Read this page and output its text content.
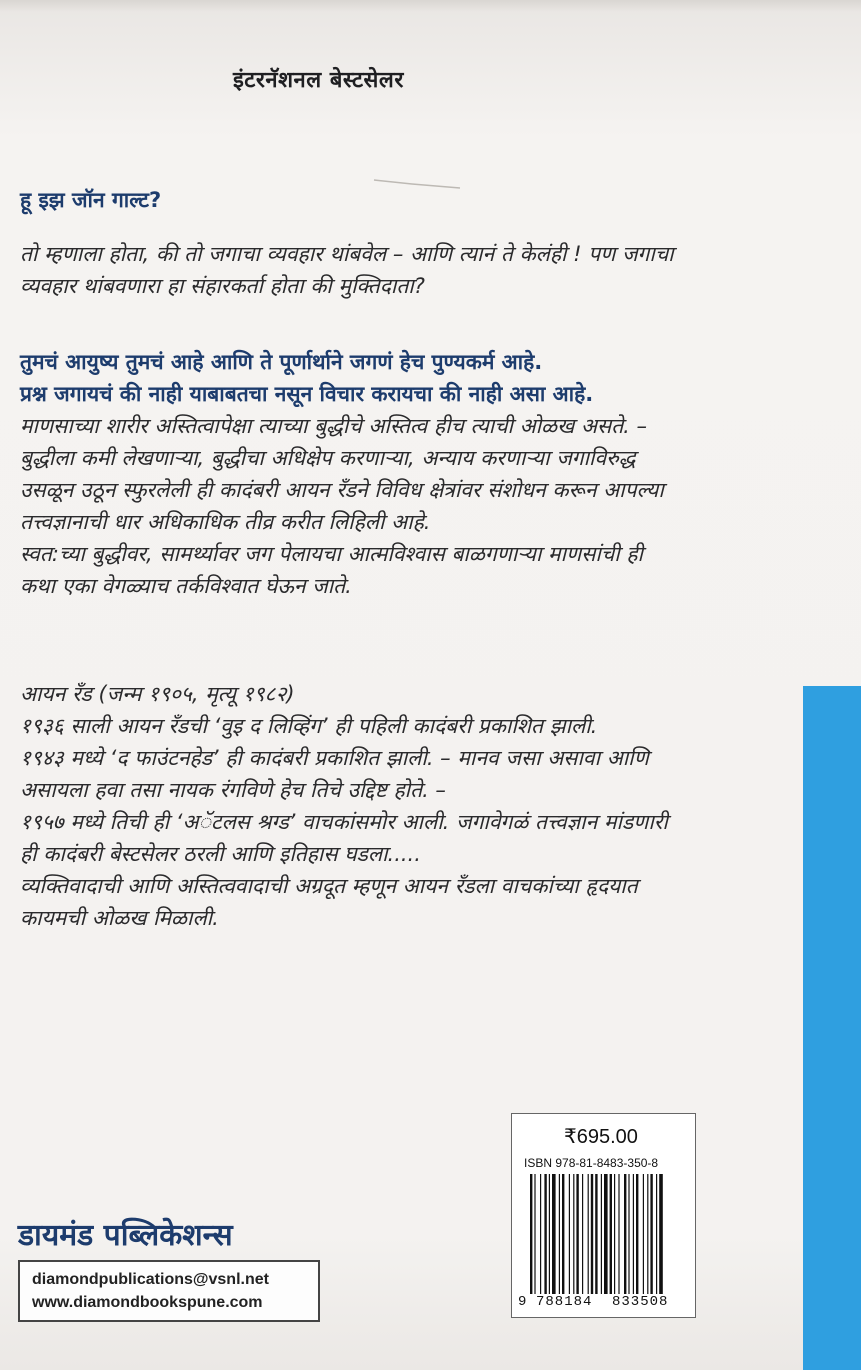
इंटरनॅशनल बेस्टसेलर
हू इझ जॉन गाल्ट?
तो म्हणाला होता, की तो जगाचा व्यवहार थांबवेल – आणि त्यानं ते केलंही ! पण जगाचा
व्यवहार थांबवणारा हा संहारकर्ता होता की मुक्तिदाता?
तुमचं आयुष्य तुमचं आहे आणि ते पूर्णार्थाने जगणं हेच पुण्यकर्म आहे.
प्रश्न जगायचं की नाही याबाबतचा नसून विचार करायचा की नाही असा आहे.
माणसाच्या शारीर अस्तित्वापेक्षा त्याच्या बुद्धीचे अस्तित्व हीच त्याची ओळख असते. –
बुद्धीला कमी लेखणाऱ्या, बुद्धीचा अधिक्षेप करणाऱ्या, अन्याय करणाऱ्या जगाविरुद्ध
उसळून उठून स्फुरलेली ही कादंबरी आयन रँडने विविध क्षेत्रांवर संशोधन करून आपल्या
तत्त्वज्ञानाची धार अधिकाधिक तीव्र करीत लिहिली आहे.
स्वत:च्या बुद्धीवर, सामर्थ्यावर जग पेलायचा आत्मविश्वास बाळगणाऱ्या माणसांची ही
कथा एका वेगळ्याच तर्कविश्वात घेऊन जाते.
आयन रँड (जन्म १९०५, मृत्यू १९८२)
१९३६ साली आयन रँडची ‘वुइ द लिव्हिंग’ ही पहिली कादंबरी प्रकाशित झाली.
१९४३ मध्ये ‘द फाउंटनहेड’ ही कादंबरी प्रकाशित झाली. – मानव जसा असावा आणि
असायला हवा तसा नायक रंगविणे हेच तिचे उद्दिष्ट होते. –
१९५७ मध्ये तिची ही ‘अॅटलस श्रग्ड’ वाचकांसमोर आली. जगावेगळं तत्त्वज्ञान मांडणारी
ही कादंबरी बेस्टसेलर ठरली आणि इतिहास घडला.....
व्यक्तिवादाची आणि अस्तित्ववादाची अग्रदूत म्हणून आयन रँडला वाचकांच्या हृदयात
कायमची ओळख मिळाली.
₹695.00
ISBN 978-81-8483-350-8
9 788184 833508
डायमंड पब्लिकेशन्स
diamondpublications@vsnl.net
www.diamondbookspune.com
